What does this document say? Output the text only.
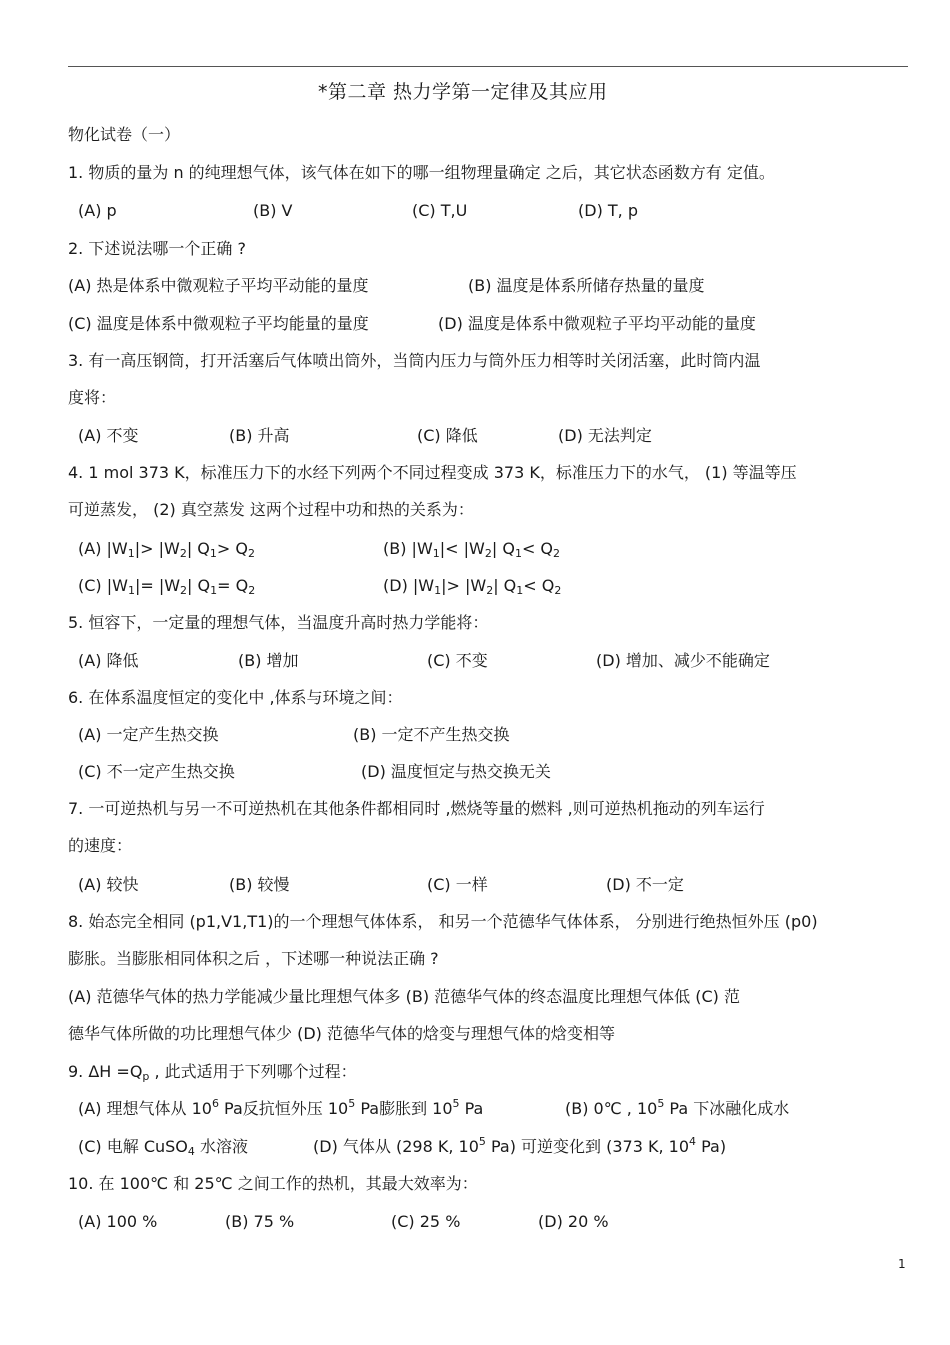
*第二章 热力学第一定律及其应用
物化试卷（一）
1. 物质的量为 n 的纯理想气体，该气体在如下的哪一组物理量确定 之后，其它状态函数方有 定值。
(A) p	(B) V	(C) T,U	(D) T, p
2. 下述说法哪一个正确 ?
(A) 热是体系中微观粒子平均平动能的量度	(B) 温度是体系所储存热量的量度
(C) 温度是体系中微观粒子平均能量的量度	(D) 温度是体系中微观粒子平均平动能的量度
3. 有一高压钢筒，打开活塞后气体喷出筒外，当筒内压力与筒外压力相等时关闭活塞，此时筒内温
度将：
(A) 不变	(B) 升高	(C) 降低	(D) 无法判定
4. 1 mol 373 K，标准压力下的水经下列两个不同过程变成 373 K，标准压力下的水气， (1) 等温等压
可逆蒸发， (2) 真空蒸发 这两个过程中功和热的关系为：
(A) $|W_1|> |W_2|$ $Q_1> Q_2$	(B) $|W_1|< |W_2|$ $Q_1< Q_2$
(C) $|W_1|= |W_2|$ $Q_1= Q_2$	(D) $|W_1|> |W_2|$ $Q_1< Q_2$
5. 恒容下，一定量的理想气体，当温度升高时热力学能将：
(A) 降低	(B) 增加	(C) 不变	(D) 增加、减少不能确定
6. 在体系温度恒定的变化中 ,体系与环境之间：
(A) 一定产生热交换	(B) 一定不产生热交换
(C) 不一定产生热交换	(D) 温度恒定与热交换无关
7. 一可逆热机与另一不可逆热机在其他条件都相同时 ,燃烧等量的燃料 ,则可逆热机拖动的列车运行
的速度：
(A) 较快	(B) 较慢	(C) 一样	(D) 不一定
8. 始态完全相同 (p1,V1,T1)的一个理想气体体系， 和另一个范德华气体体系， 分别进行绝热恒外压 (p0)
膨胀。当膨胀相同体积之后 ，下述哪一种说法正确 ?
(A) 范德华气体的热力学能减少量比理想气体多 (B) 范德华气体的终态温度比理想气体低 (C) 范
德华气体所做的功比理想气体少 (D) 范德华气体的焓变与理想气体的焓变相等
9. $\Delta H =Q_p$ , 此式适用于下列哪个过程：
(A) 理想气体从 $10^6$ Pa反抗恒外压 $10^5$ Pa膨胀到 $10^5$ Pa	(B) 0℃ , $10^5$ Pa 下冰融化成水
(C) 电解 CuSO$_4$ 水溶液	(D) 气体从 (298 K, $10^5$ Pa) 可逆变化到 (373 K, $10^4$ Pa)
10. 在 100℃ 和 25℃ 之间工作的热机，其最大效率为：
(A) 100 %	(B) 75 %	(C) 25 %	(D) 20 %
1
